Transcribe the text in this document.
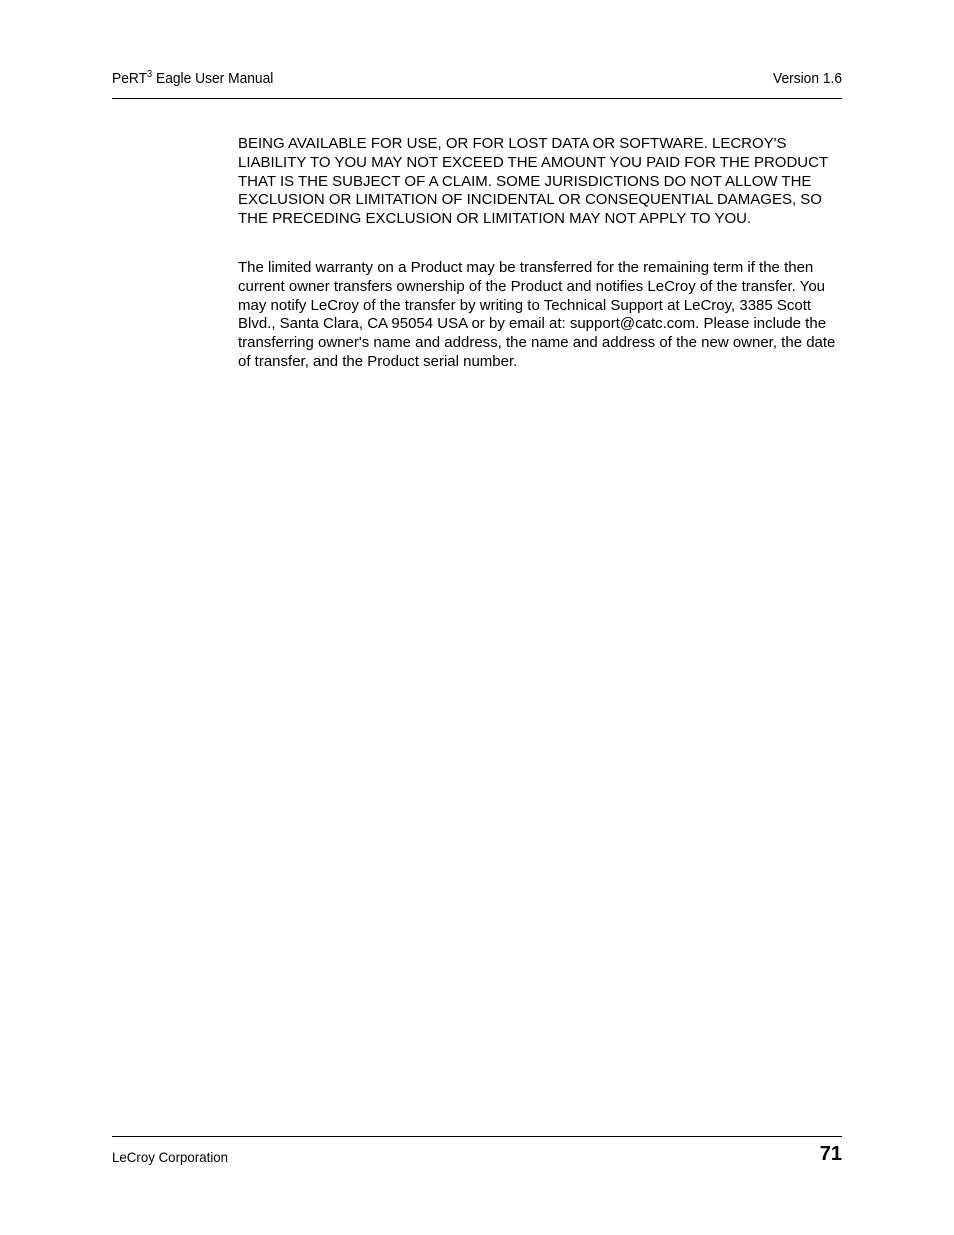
PeRT$^3$ Eagle User Manual	Version 1.6

BEING AVAILABLE FOR USE, OR FOR LOST DATA OR SOFTWARE. LECROY'S LIABILITY TO YOU MAY NOT EXCEED THE AMOUNT YOU PAID FOR THE PRODUCT THAT IS THE SUBJECT OF A CLAIM. SOME JURISDICTIONS DO NOT ALLOW THE EXCLUSION OR LIMITATION OF INCIDENTAL OR CONSEQUENTIAL DAMAGES, SO THE PRECEDING EXCLUSION OR LIMITATION MAY NOT APPLY TO YOU.

The limited warranty on a Product may be transferred for the remaining term if the then current owner transfers ownership of the Product and notifies LeCroy of the transfer. You may notify LeCroy of the transfer by writing to Technical Support at LeCroy, 3385 Scott Blvd., Santa Clara, CA 95054 USA or by email at: support@catc.com. Please include the transferring owner's name and address, the name and address of the new owner, the date of transfer, and the Product serial number.

LeCroy Corporation	71
